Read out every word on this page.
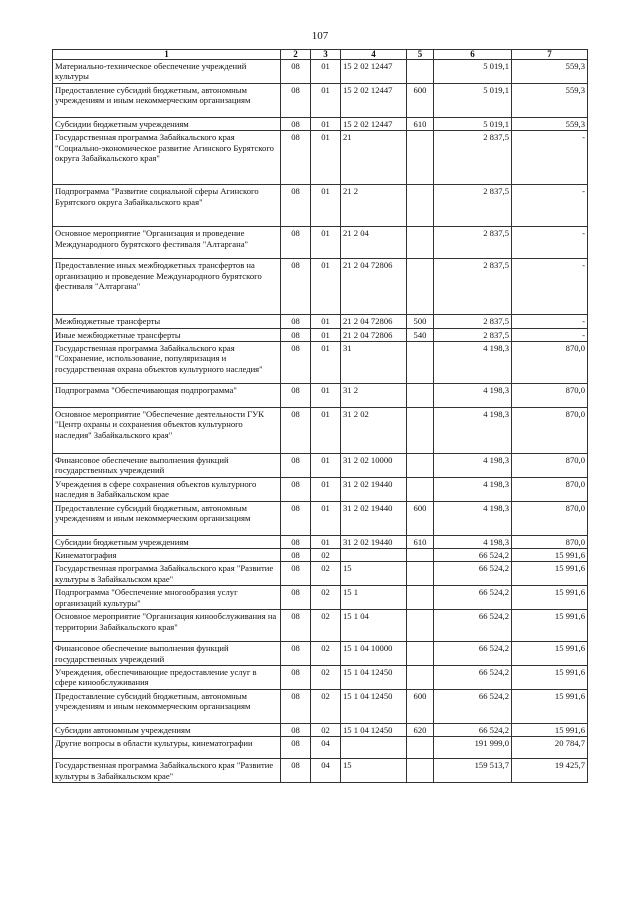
107
1	2	3	4	5	6	7
Материально-техническое обеспечение учреждений культуры	08	01	15 2 02 12447		5 019,1	559,3
Предоставление субсидий бюджетным, автономным учреждениям и иным некоммерческим организациям	08	01	15 2 02 12447	600	5 019,1	559,3
Субсидии бюджетным учреждениям	08	01	15 2 02 12447	610	5 019,1	559,3
Государственная программа Забайкальского края "Социально-экономическое развитие Агинского Бурятского округа Забайкальского края"	08	01	21		2 837,5	-
Подпрограмма "Развитие социальной сферы Агинского Бурятского округа Забайкальского края"	08	01	21 2		2 837,5	-
Основное мероприятие "Организация и проведение Международного бурятского фестиваля "Алтаргана"	08	01	21 2 04		2 837,5	-
Предоставление иных межбюджетных трансфертов на организацию и проведение Международного бурятского фестиваля "Алтаргана"	08	01	21 2 04 72806		2 837,5	-
Межбюджетные трансферты	08	01	21 2 04 72806	500	2 837,5	-
Иные межбюджетные трансферты	08	01	21 2 04 72806	540	2 837,5	-
Государственная программа Забайкальского края "Сохранение, использование, популяризация и государственная охрана объектов культурного наследия"	08	01	31		4 198,3	870,0
Подпрограмма "Обеспечивающая подпрограмма"	08	01	31 2		4 198,3	870,0
Основное мероприятие "Обеспечение деятельности ГУК "Центр охраны и сохранения объектов культурного наследия" Забайкальского края"	08	01	31 2 02		4 198,3	870,0
Финансовое обеспечение выполнения функций государственных учреждений	08	01	31 2 02 10000		4 198,3	870,0
Учреждения в сфере сохранения объектов культурного наследия в Забайкальском крае	08	01	31 2 02 19440		4 198,3	870,0
Предоставление субсидий бюджетным, автономным учреждениям и иным некоммерческим организациям	08	01	31 2 02 19440	600	4 198,3	870,0
Субсидии бюджетным учреждениям	08	01	31 2 02 19440	610	4 198,3	870,0
Кинематография	08	02			66 524,2	15 991,6
Государственная программа Забайкальского края "Развитие культуры в Забайкальском крае"	08	02	15		66 524,2	15 991,6
Подпрограмма "Обеспечение многообразия услуг организаций культуры"	08	02	15 1		66 524,2	15 991,6
Основное мероприятие "Организация кинообслуживания на территории Забайкальского края"	08	02	15 1 04		66 524,2	15 991,6
Финансовое обеспечение выполнения функций государственных учреждений	08	02	15 1 04 10000		66 524,2	15 991,6
Учреждения, обеспечивающие предоставление услуг в сфере кинообслуживания	08	02	15 1 04 12450		66 524,2	15 991,6
Предоставление субсидий бюджетным, автономным учреждениям и иным некоммерческим организациям	08	02	15 1 04 12450	600	66 524,2	15 991,6
Субсидии автономным учреждениям	08	02	15 1 04 12450	620	66 524,2	15 991,6
Другие вопросы в области культуры, кинематографии	08	04			191 999,0	20 784,7
Государственная программа Забайкальского края "Развитие культуры в Забайкальском крае"	08	04	15		159 513,7	19 425,7
